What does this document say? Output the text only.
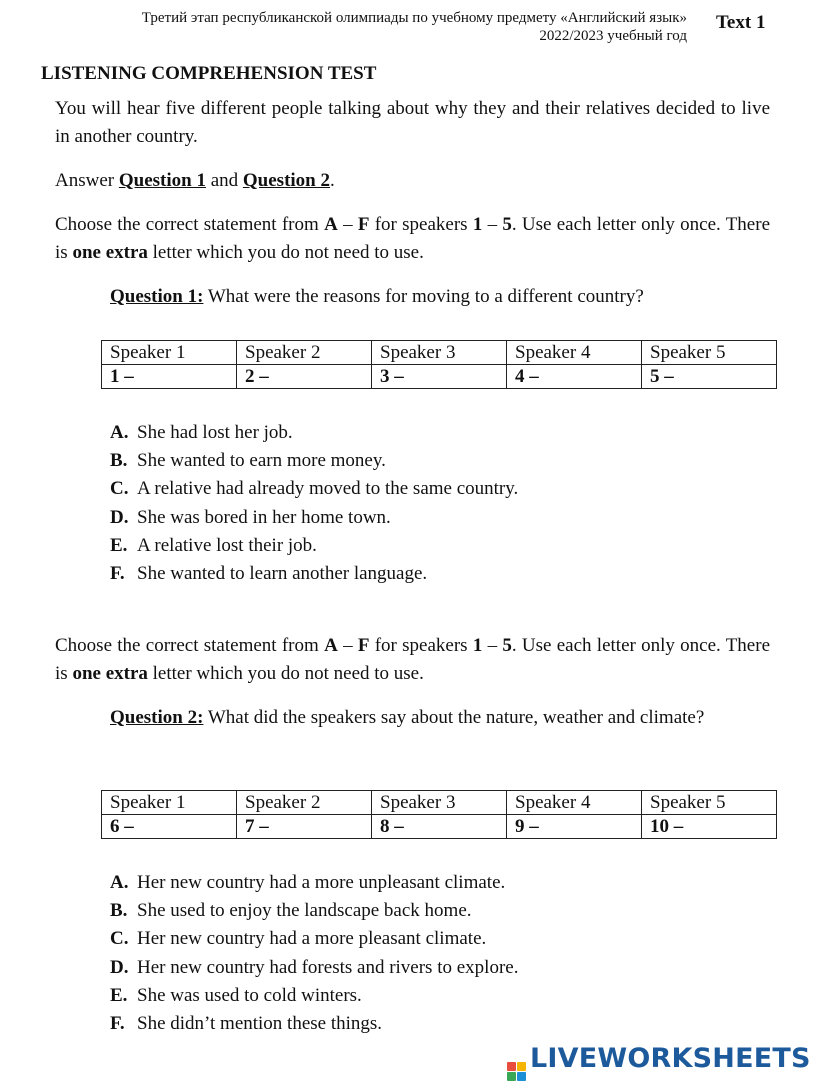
Третий этап республиканской олимпиады по учебному предмету «Английский язык»
2022/2023 учебный год
Text 1
LISTENING COMPREHENSION TEST
You will hear five different people talking about why they and their relatives decided to live in another country.
Answer Question 1 and Question 2.
Choose the correct statement from A – F for speakers 1 – 5. Use each letter only once. There is one extra letter which you do not need to use.
Question 1: What were the reasons for moving to a different country?
Speaker 1	Speaker 2	Speaker 3	Speaker 4	Speaker 5
1 –	2 –	3 –	4 –	5 –
A. She had lost her job.
B. She wanted to earn more money.
C. A relative had already moved to the same country.
D. She was bored in her home town.
E. A relative lost their job.
F. She wanted to learn another language.
Choose the correct statement from A – F for speakers 1 – 5. Use each letter only once. There is one extra letter which you do not need to use.
Question 2: What did the speakers say about the nature, weather and climate?
Speaker 1	Speaker 2	Speaker 3	Speaker 4	Speaker 5
6 –	7 –	8 –	9 –	10 –
A. Her new country had a more unpleasant climate.
B. She used to enjoy the landscape back home.
C. Her new country had a more pleasant climate.
D. Her new country had forests and rivers to explore.
E. She was used to cold winters.
F. She didn’t mention these things.
LIVEWORKSHEETS
